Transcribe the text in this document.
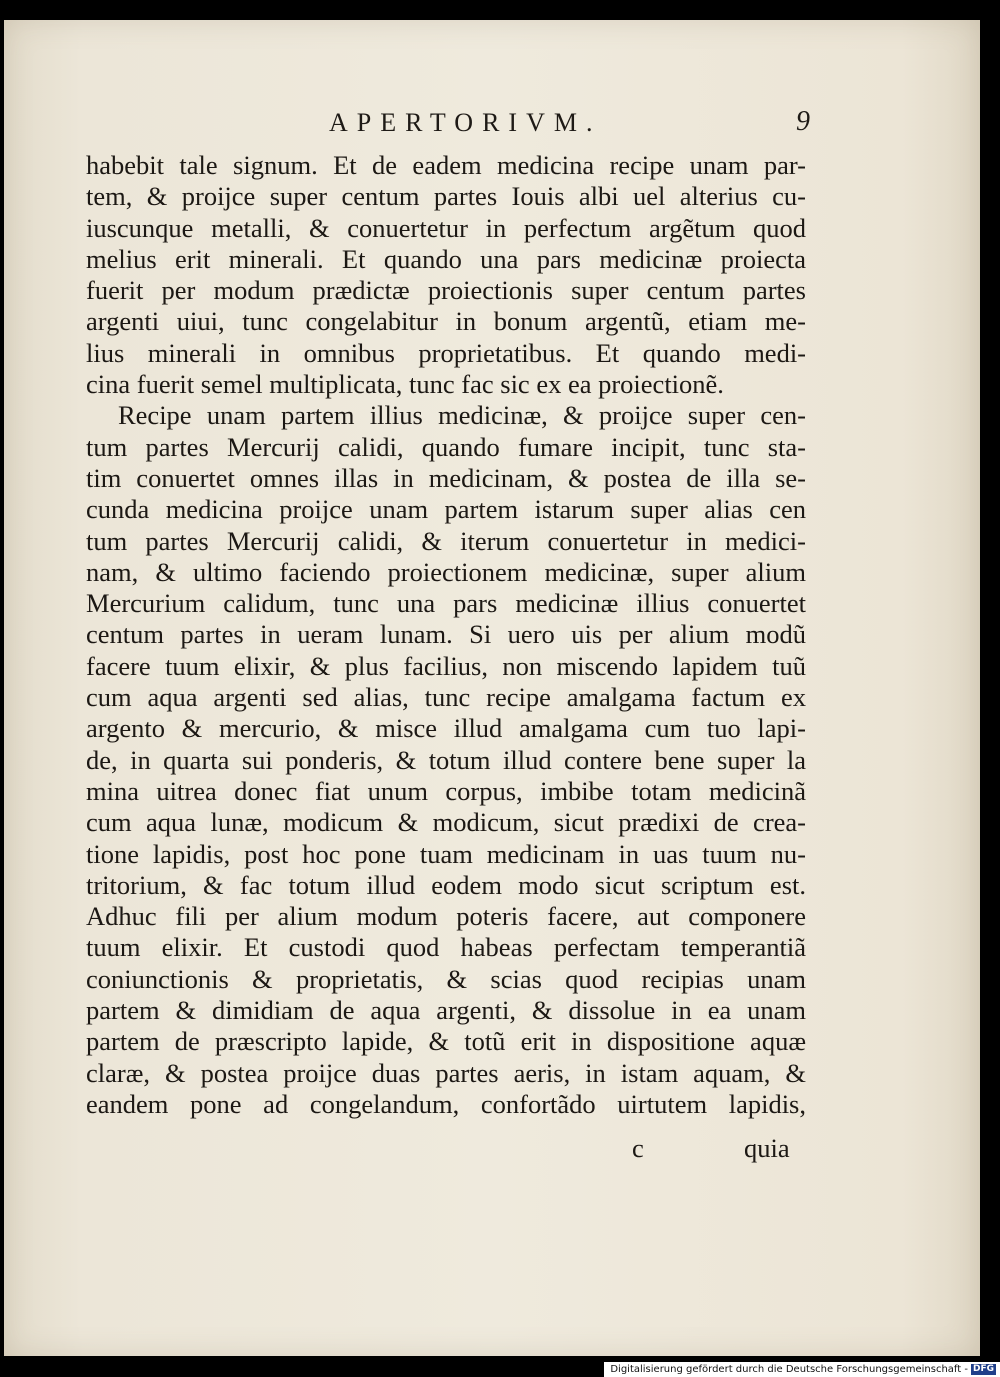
APERTORIVM.	9
habebit tale signum. Et de eadem medicina recipe unam par-
tem, & proijce super centum partes Iouis albi uel alterius cu-
iuscunque metalli, & conuertetur in perfectum argẽtum quod
melius erit minerali. Et quando una pars medicinæ proiecta
fuerit per modum prædictæ proiectionis super centum partes
argenti uiui, tunc congelabitur in bonum argentũ, etiam me-
lius minerali in omnibus proprietatibus. Et quando medi-
cina fuerit semel multiplicata, tunc fac sic ex ea proiectionẽ.
Recipe unam partem illius medicinæ, & proijce super cen-
tum partes Mercurij calidi, quando fumare incipit, tunc sta-
tim conuertet omnes illas in medicinam, & postea de illa se-
cunda medicina proijce unam partem istarum super alias cen
tum partes Mercurij calidi, & iterum conuertetur in medici-
nam, & ultimo faciendo proiectionem medicinæ, super alium
Mercurium calidum, tunc una pars medicinæ illius conuertet
centum partes in ueram lunam. Si uero uis per alium modũ
facere tuum elixir, & plus facilius, non miscendo lapidem tuũ
cum aqua argenti sed alias, tunc recipe amalgama factum ex
argento & mercurio, & misce illud amalgama cum tuo lapi-
de, in quarta sui ponderis, & totum illud contere bene super la
mina uitrea donec fiat unum corpus, imbibe totam medicinã
cum aqua lunæ, modicum & modicum, sicut prædixi de crea-
tione lapidis, post hoc pone tuam medicinam in uas tuum nu-
tritorium, & fac totum illud eodem modo sicut scriptum est.
Adhuc fili per alium modum poteris facere, aut componere
tuum elixir. Et custodi quod habeas perfectam temperantiã
coniunctionis & proprietatis, & scias quod recipias unam
partem & dimidiam de aqua argenti, & dissolue in ea unam
partem de præscripto lapide, & totũ erit in dispositione aquæ
claræ, & postea proijce duas partes aeris, in istam aquam, &
eandem pone ad congelandum, confortãdo uirtutem lapidis,
c	quia
Digitalisierung gefördert durch die Deutsche Forschungsgemeinschaft - DFG
